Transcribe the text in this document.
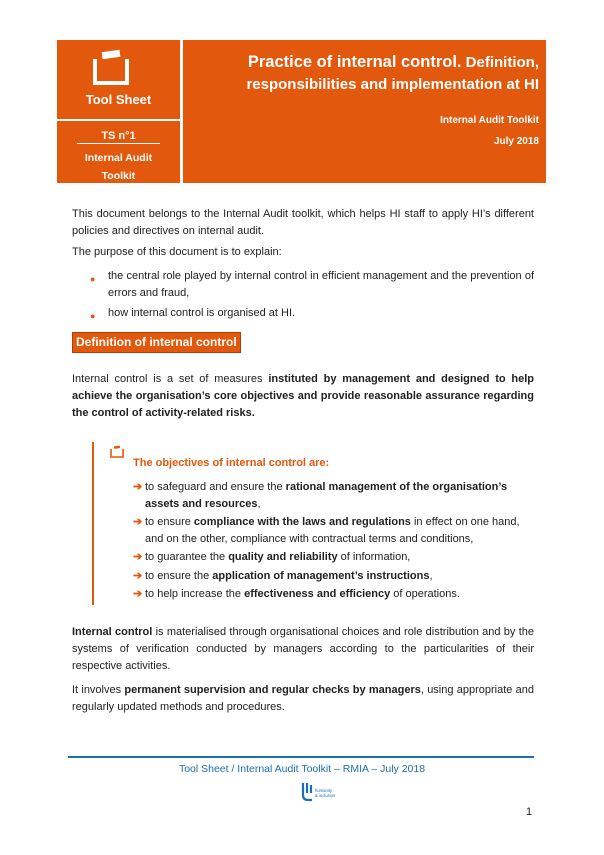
Tool Sheet
TS n°1
Internal Audit
Toolkit
Practice of internal control. Definition, responsibilities and implementation at HI
Internal Audit Toolkit
July 2018
This document belongs to the Internal Audit toolkit, which helps HI staff to apply HI’s different policies and directives on internal audit.
The purpose of this document is to explain:
● the central role played by internal control in efficient management and the prevention of errors and fraud,
● how internal control is organised at HI.
Definition of internal control
Internal control is a set of measures instituted by management and designed to help achieve the organisation’s core objectives and provide reasonable assurance regarding the control of activity-related risks.
The objectives of internal control are:
➔ to safeguard and ensure the rational management of the organisation’s assets and resources,
➔ to ensure compliance with the laws and regulations in effect on one hand, and on the other, compliance with contractual terms and conditions,
➔ to guarantee the quality and reliability of information,
➔ to ensure the application of management’s instructions,
➔ to help increase the effectiveness and efficiency of operations.
Internal control is materialised through organisational choices and role distribution and by the systems of verification conducted by managers according to the particularities of their respective activities.
It involves permanent supervision and regular checks by managers, using appropriate and regularly updated methods and procedures.
Tool Sheet / Internal Audit Toolkit – RMIA – July 2018
humanity
& inclusion
1
